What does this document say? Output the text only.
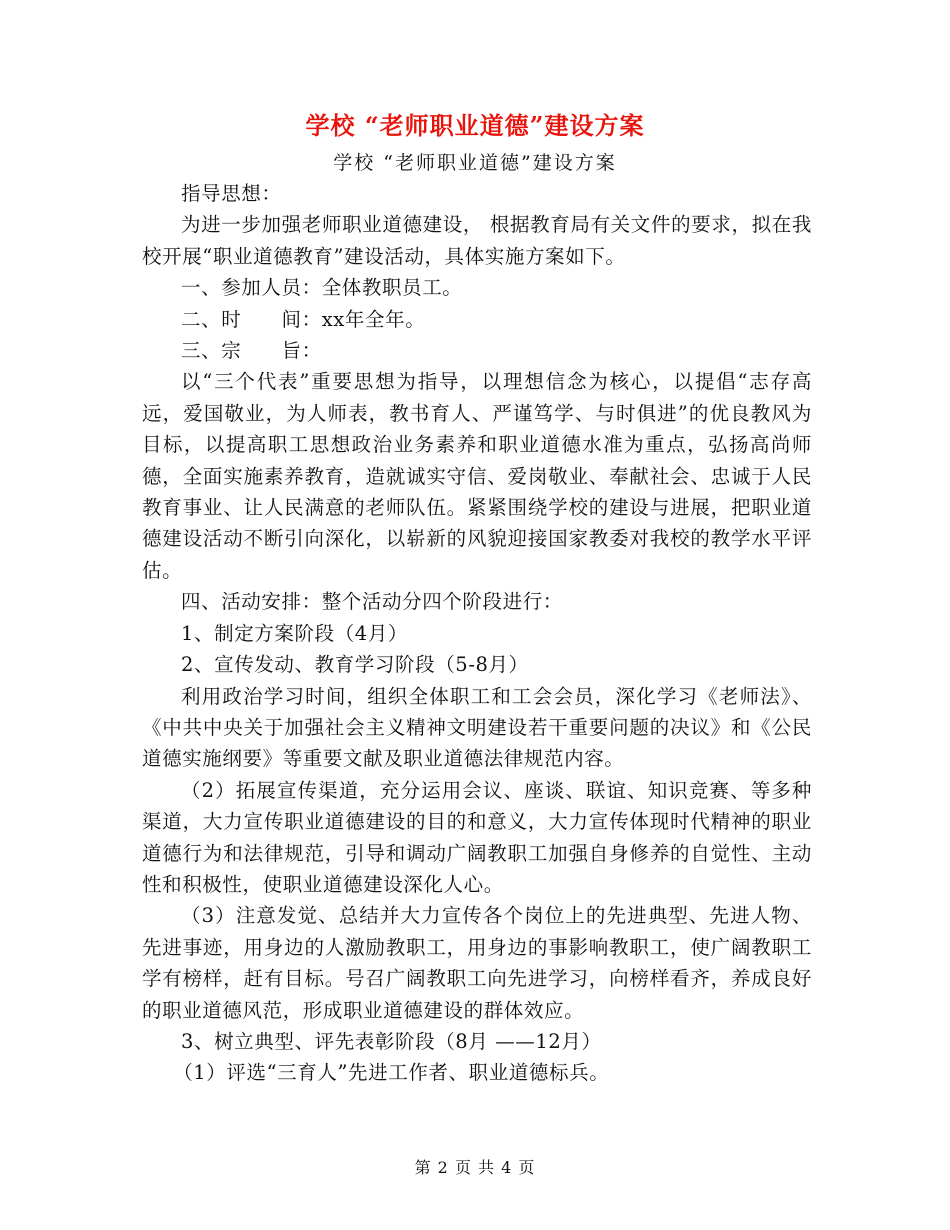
学校 “老师职业道德”建设方案
学校 “老师职业道德”建设方案

指导思想：

为进一步加强老师职业道德建设， 根据教育局有关文件的要求，拟在我校开展“职业道德教育”建设活动，具体实施方案如下。

一、参加人员：全体教职员工。

二、时　　间：xx年全年。

三、宗　　旨：

以“三个代表”重要思想为指导，以理想信念为核心，以提倡“志存高远，爱国敬业，为人师表，教书育人、严谨笃学、与时俱进”的优良教风为目标，以提高职工思想政治业务素养和职业道德水准为重点，弘扬高尚师德，全面实施素养教育，造就诚实守信、爱岗敬业、奉献社会、忠诚于人民教育事业、让人民满意的老师队伍。紧紧围绕学校的建设与进展，把职业道德建设活动不断引向深化，以崭新的风貌迎接国家教委对我校的教学水平评估。

四、活动安排：整个活动分四个阶段进行：

1、制定方案阶段（4月）

2、宣传发动、教育学习阶段（5-8月）

利用政治学习时间，组织全体职工和工会会员，深化学习《老师法》、《中共中央关于加强社会主义精神文明建设若干重要问题的决议》和《公民道德实施纲要》等重要文献及职业道德法律规范内容。

（2）拓展宣传渠道，充分运用会议、座谈、联谊、知识竞赛、等多种渠道，大力宣传职业道德建设的目的和意义，大力宣传体现时代精神的职业道德行为和法律规范，引导和调动广阔教职工加强自身修养的自觉性、主动性和积极性，使职业道德建设深化人心。

（3）注意发觉、总结并大力宣传各个岗位上的先进典型、先进人物、先进事迹，用身边的人激励教职工，用身边的事影响教职工，使广阔教职工学有榜样，赶有目标。号召广阔教职工向先进学习，向榜样看齐，养成良好的职业道德风范，形成职业道德建设的群体效应。

3、树立典型、评先表彰阶段（8月 ——12月）

（1）评选“三育人”先进工作者、职业道德标兵。

第 2 页 共 4 页
